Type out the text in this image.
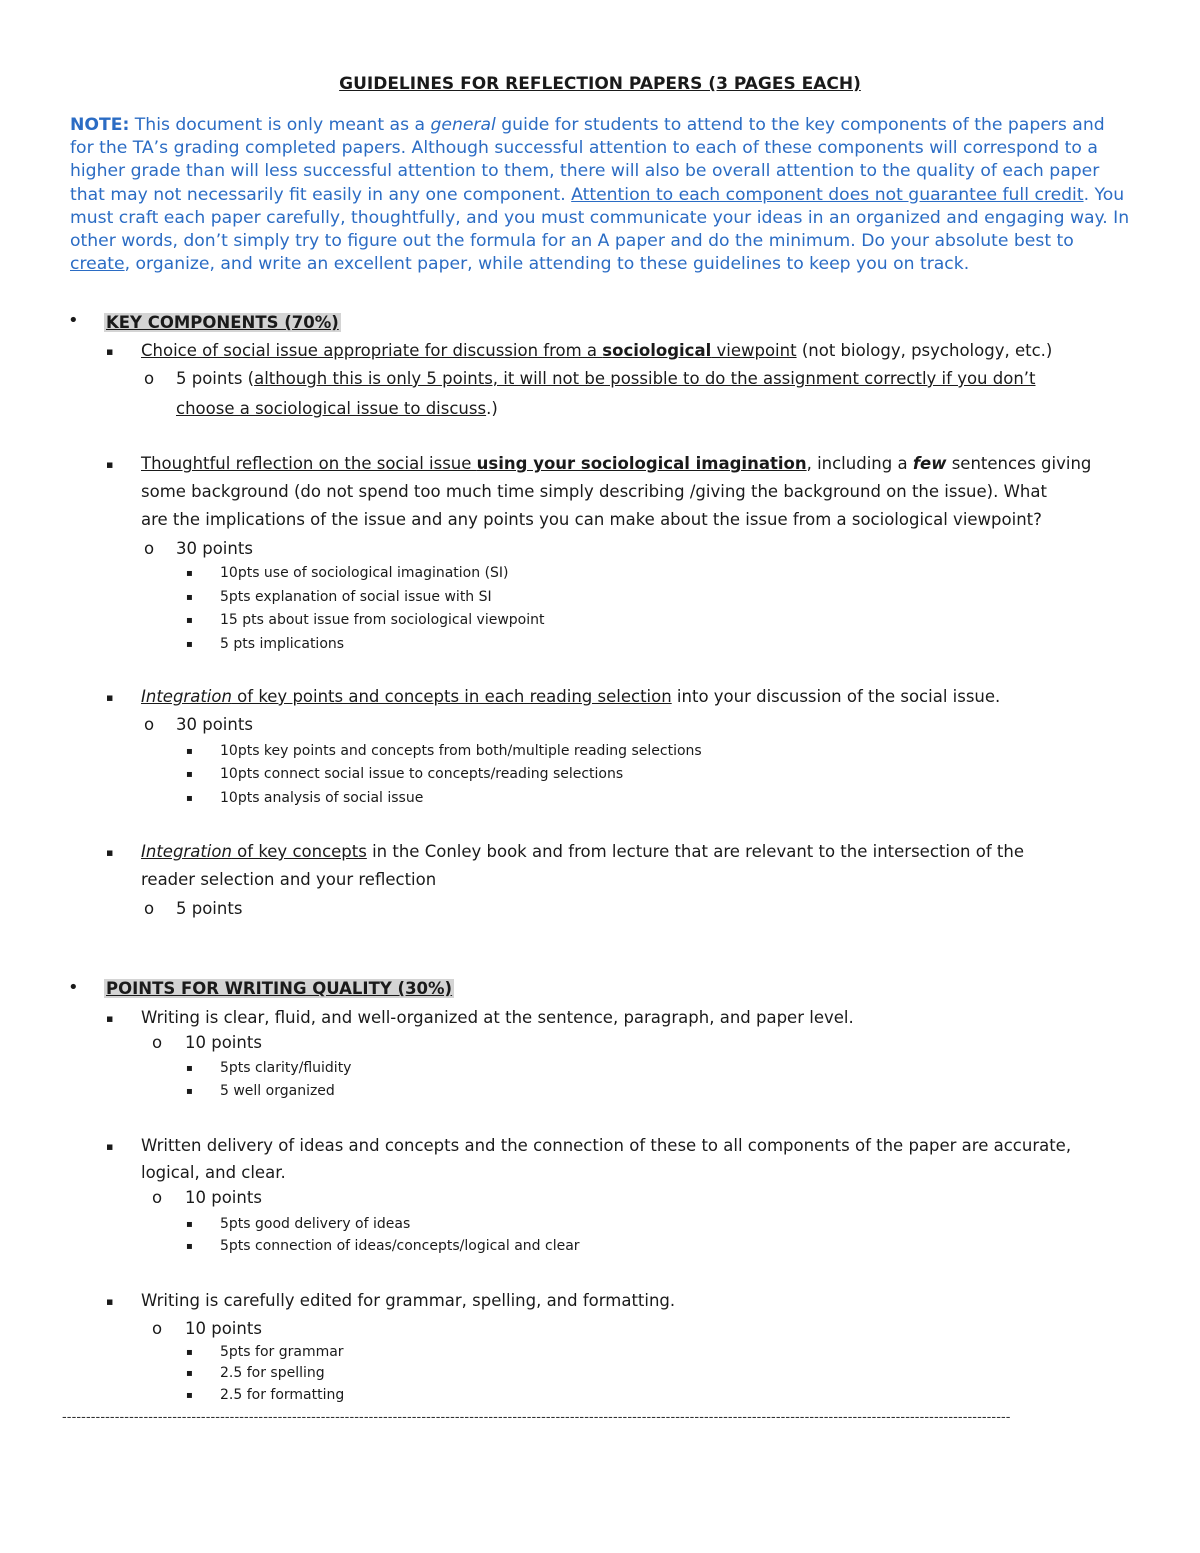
GUIDELINES FOR REFLECTION PAPERS (3 PAGES EACH)
NOTE: This document is only meant as a general guide for students to attend to the key components of the papers and for the TA’s grading completed papers. Although successful attention to each of these components will correspond to a higher grade than will less successful attention to them, there will also be overall attention to the quality of each paper that may not necessarily fit easily in any one component. Attention to each component does not guarantee full credit. You must craft each paper carefully, thoughtfully, and you must communicate your ideas in an organized and engaging way. In other words, don’t simply try to figure out the formula for an A paper and do the minimum. Do your absolute best to create, organize, and write an excellent paper, while attending to these guidelines to keep you on track.
• KEY COMPONENTS (70%)
▪ Choice of social issue appropriate for discussion from a sociological viewpoint (not biology, psychology, etc.)
o 5 points (although this is only 5 points, it will not be possible to do the assignment correctly if you don’t
choose a sociological issue to discuss.)
▪ Thoughtful reflection on the social issue using your sociological imagination, including a few sentences giving
some background (do not spend too much time simply describing /giving the background on the issue). What
are the implications of the issue and any points you can make about the issue from a sociological viewpoint?
o 30 points
▪ 10pts use of sociological imagination (SI)
▪ 5pts explanation of social issue with SI
▪ 15 pts about issue from sociological viewpoint
▪ 5 pts implications
▪ Integration of key points and concepts in each reading selection into your discussion of the social issue.
o 30 points
▪ 10pts key points and concepts from both/multiple reading selections
▪ 10pts connect social issue to concepts/reading selections
▪ 10pts analysis of social issue
▪ Integration of key concepts in the Conley book and from lecture that are relevant to the intersection of the
reader selection and your reflection
o 5 points
• POINTS FOR WRITING QUALITY (30%)
▪ Writing is clear, fluid, and well-organized at the sentence, paragraph, and paper level.
o 10 points
▪ 5pts clarity/fluidity
▪ 5 well organized
▪ Written delivery of ideas and concepts and the connection of these to all components of the paper are accurate,
logical, and clear.
o 10 points
▪ 5pts good delivery of ideas
▪ 5pts connection of ideas/concepts/logical and clear
▪ Writing is carefully edited for grammar, spelling, and formatting.
o 10 points
▪ 5pts for grammar
▪ 2.5 for spelling
▪ 2.5 for formatting
------------------------------------------------------------------------------------------------------------------------------------------------------------------------------------------------------
